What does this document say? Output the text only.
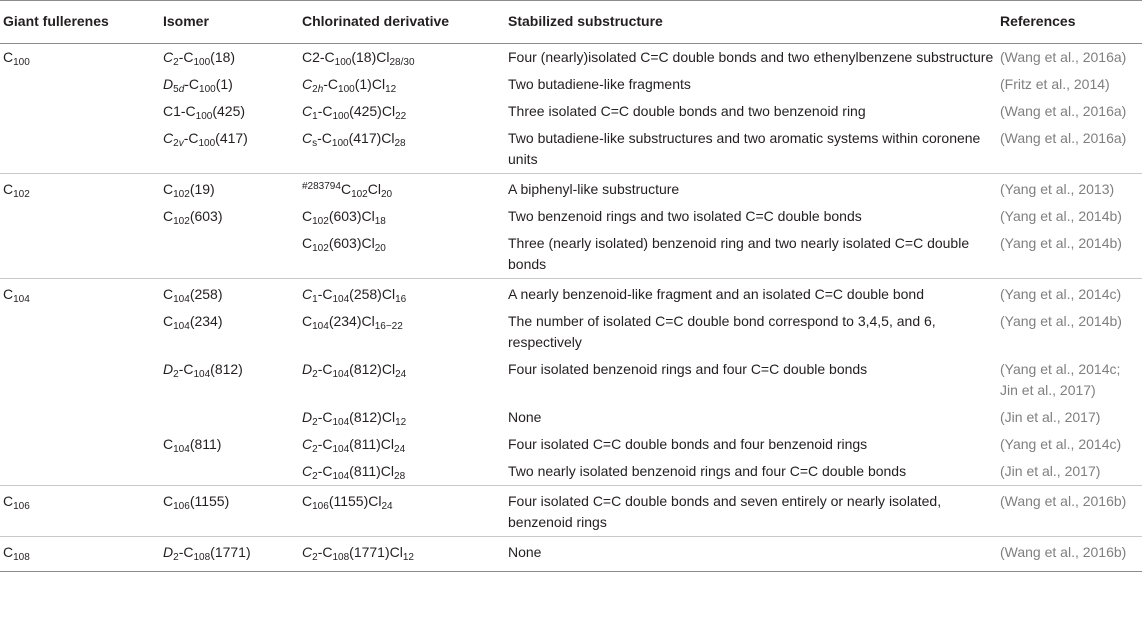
Giant fullerenes	Isomer	Chlorinated derivative	Stabilized substructure	References
$C_{100}$	$C_2-C_{100}(18)$	$C2-C_{100}(18)Cl_{28/30}$	Four (nearly)isolated C=C double bonds and two ethenylbenzene substructure	(Wang et al., 2016a)
	$D_{5d}-C_{100}(1)$	$C_{2h}-C_{100}(1)Cl_{12}$	Two butadiene-like fragments	(Fritz et al., 2014)
	$C1-C_{100}(425)$	$C_1-C_{100}(425)Cl_{22}$	Three isolated C=C double bonds and two benzenoid ring	(Wang et al., 2016a)
	$C_{2v}-C_{100}(417)$	$C_s-C_{100}(417)Cl_{28}$	Two butadiene-like substructures and two aromatic systems within coronene units	(Wang et al., 2016a)
$C_{102}$	$C_{102}(19)$	$^{\#283794}C_{102}Cl_{20}$	A biphenyl-like substructure	(Yang et al., 2013)
	$C_{102}(603)$	$C_{102}(603)Cl_{18}$	Two benzenoid rings and two isolated C=C double bonds	(Yang et al., 2014b)
		$C_{102}(603)Cl_{20}$	Three (nearly isolated) benzenoid ring and two nearly isolated C=C double bonds	(Yang et al., 2014b)
$C_{104}$	$C_{104}(258)$	$C_1-C_{104}(258)Cl_{16}$	A nearly benzenoid-like fragment and an isolated C=C double bond	(Yang et al., 2014c)
	$C_{104}(234)$	$C_{104}(234)Cl_{16-22}$	The number of isolated C=C double bond correspond to 3,4,5, and 6, respectively	(Yang et al., 2014b)
	$D_2-C_{104}(812)$	$D_2-C_{104}(812)Cl_{24}$	Four isolated benzenoid rings and four C=C double bonds	(Yang et al., 2014c; Jin et al., 2017)
		$D_2-C_{104}(812)Cl_{12}$	None	(Jin et al., 2017)
	$C_{104}(811)$	$C_2-C_{104}(811)Cl_{24}$	Four isolated C=C double bonds and four benzenoid rings	(Yang et al., 2014c)
		$C_2-C_{104}(811)Cl_{28}$	Two nearly isolated benzenoid rings and four C=C double bonds	(Jin et al., 2017)
$C_{106}$	$C_{106}(1155)$	$C_{106}(1155)Cl_{24}$	Four isolated C=C double bonds and seven entirely or nearly isolated, benzenoid rings	(Wang et al., 2016b)
$C_{108}$	$D_2-C_{108}(1771)$	$C_2-C_{108}(1771)Cl_{12}$	None	(Wang et al., 2016b)
